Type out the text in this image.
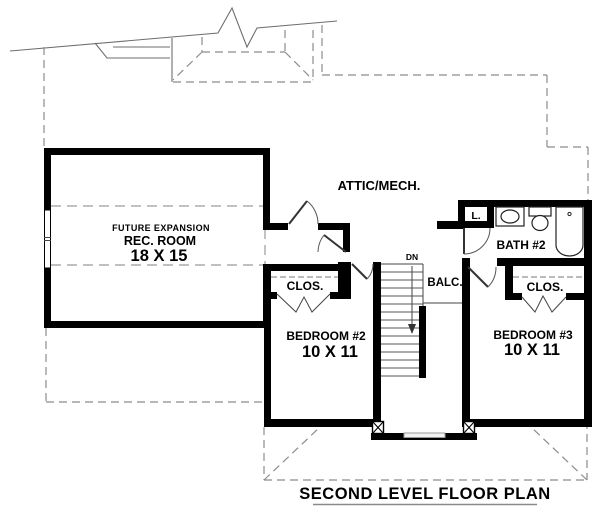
FUTURE EXPANSION
REC. ROOM
18 X 15
ATTIC/MECH.
L.
BATH #2
DN
BALC.
CLOS.	CLOS.
BEDROOM #2
10 X 11
BEDROOM #3
10 X 11
SECOND LEVEL FLOOR PLAN
